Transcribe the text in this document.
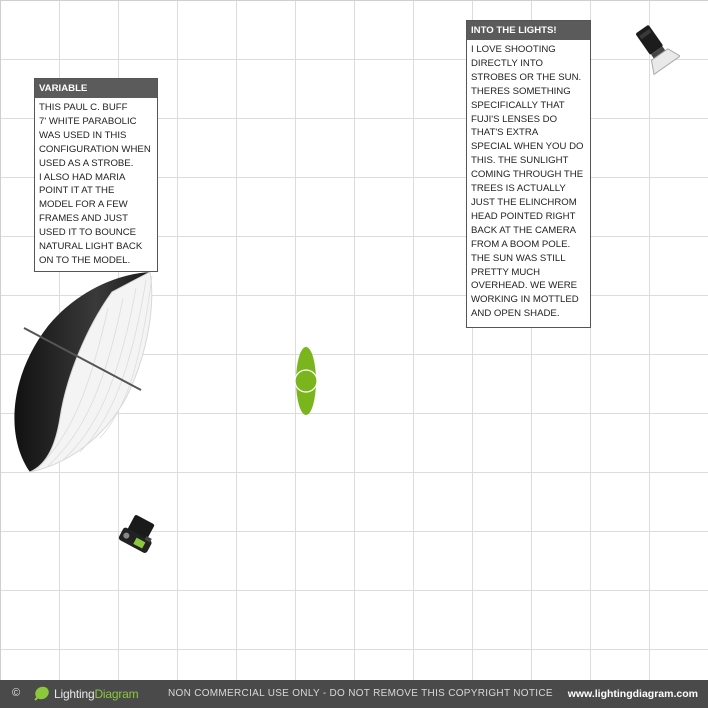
VARIABLE

THIS PAUL C. BUFF
7' WHITE PARABOLIC
WAS USED IN THIS
CONFIGURATION WHEN
USED AS A STROBE.
I ALSO HAD MARIA
POINT IT AT THE
MODEL FOR A FEW
FRAMES AND JUST
USED IT TO BOUNCE
NATURAL LIGHT BACK
ON TO THE MODEL.

INTO THE LIGHTS!

I LOVE SHOOTING
DIRECTLY INTO
STROBES OR THE SUN.
THERES SOMETHING
SPECIFICALLY THAT
FUJI'S LENSES DO
THAT'S EXTRA
SPECIAL WHEN YOU DO
THIS. THE SUNLIGHT
COMING THROUGH THE
TREES IS ACTUALLY
JUST THE ELINCHROM
HEAD POINTED RIGHT
BACK AT THE CAMERA
FROM A BOOM POLE.
THE SUN WAS STILL
PRETTY MUCH
OVERHEAD. WE WERE
WORKING IN MOTTLED
AND OPEN SHADE.

©	LightingDiagram	NON COMMERCIAL USE ONLY - DO NOT REMOVE THIS COPYRIGHT NOTICE www.lightingdiagram.com
